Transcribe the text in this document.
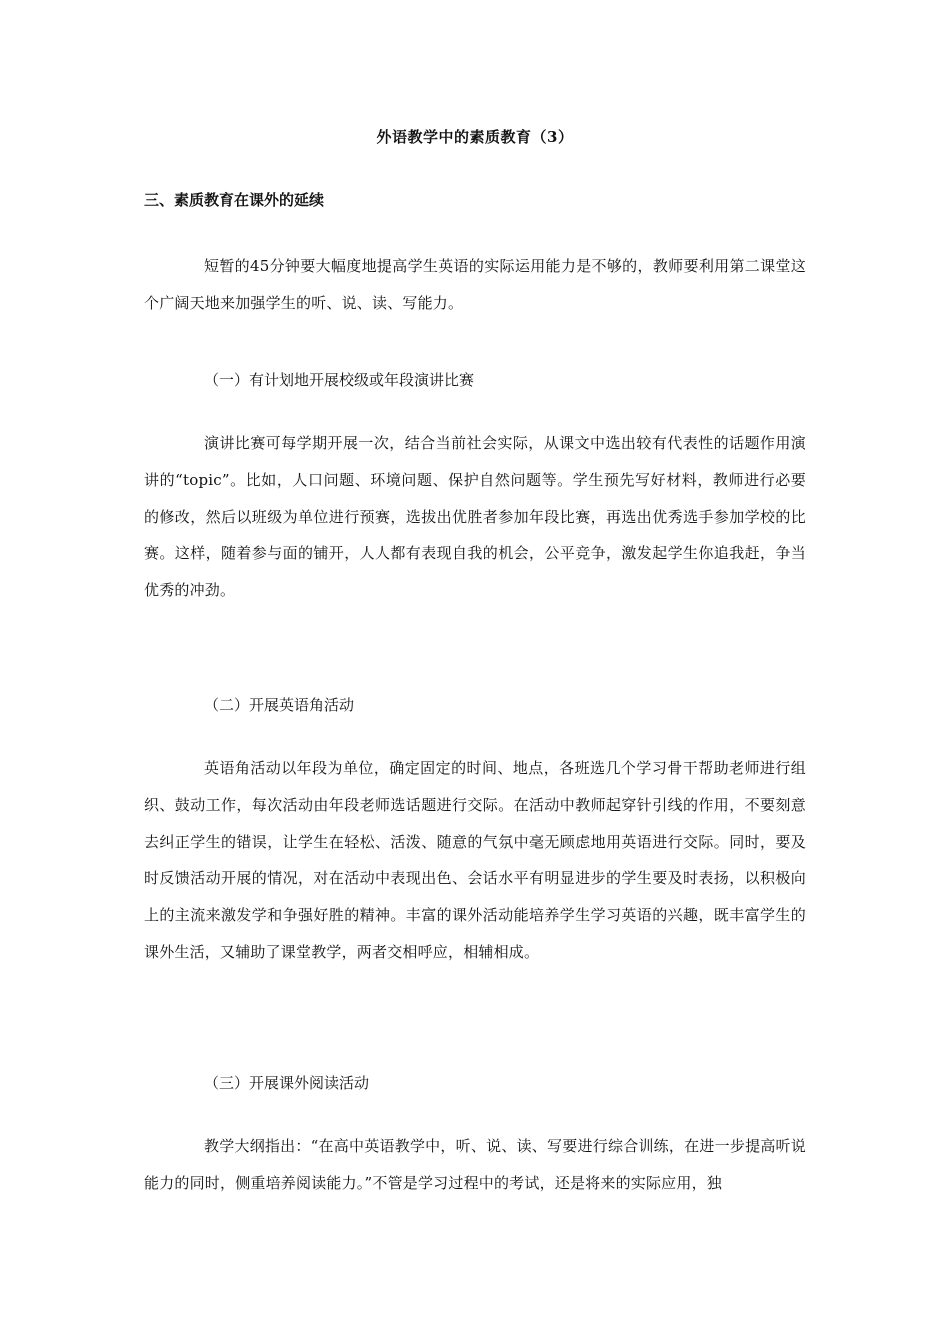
外语教学中的素质教育（3）
三、素质教育在课外的延续

短暂的45分钟要大幅度地提高学生英语的实际运用能力是不够的，教师要利用第二课堂这个广阔天地来加强学生的听、说、读、写能力。

（一）有计划地开展校级或年段演讲比赛

演讲比赛可每学期开展一次，结合当前社会实际，从课文中选出较有代表性的话题作用演讲的“topic”。比如，人口问题、环境问题、保护自然问题等。学生预先写好材料，教师进行必要的修改，然后以班级为单位进行预赛，选拔出优胜者参加年段比赛，再选出优秀选手参加学校的比赛。这样，随着参与面的铺开，人人都有表现自我的机会，公平竞争，激发起学生你追我赶，争当优秀的冲劲。

（二）开展英语角活动

英语角活动以年段为单位，确定固定的时间、地点，各班选几个学习骨干帮助老师进行组织、鼓动工作，每次活动由年段老师选话题进行交际。在活动中教师起穿针引线的作用，不要刻意去纠正学生的错误，让学生在轻松、活泼、随意的气氛中毫无顾虑地用英语进行交际。同时，要及时反馈活动开展的情况，对在活动中表现出色、会话水平有明显进步的学生要及时表扬，以积极向上的主流来激发学和争强好胜的精神。丰富的课外活动能培养学生学习英语的兴趣，既丰富学生的课外生活，又辅助了课堂教学，两者交相呼应，相辅相成。

（三）开展课外阅读活动

教学大纲指出：“在高中英语教学中，听、说、读、写要进行综合训练，在进一步提高听说能力的同时，侧重培养阅读能力。”不管是学习过程中的考试，还是将来的实际应用，独
